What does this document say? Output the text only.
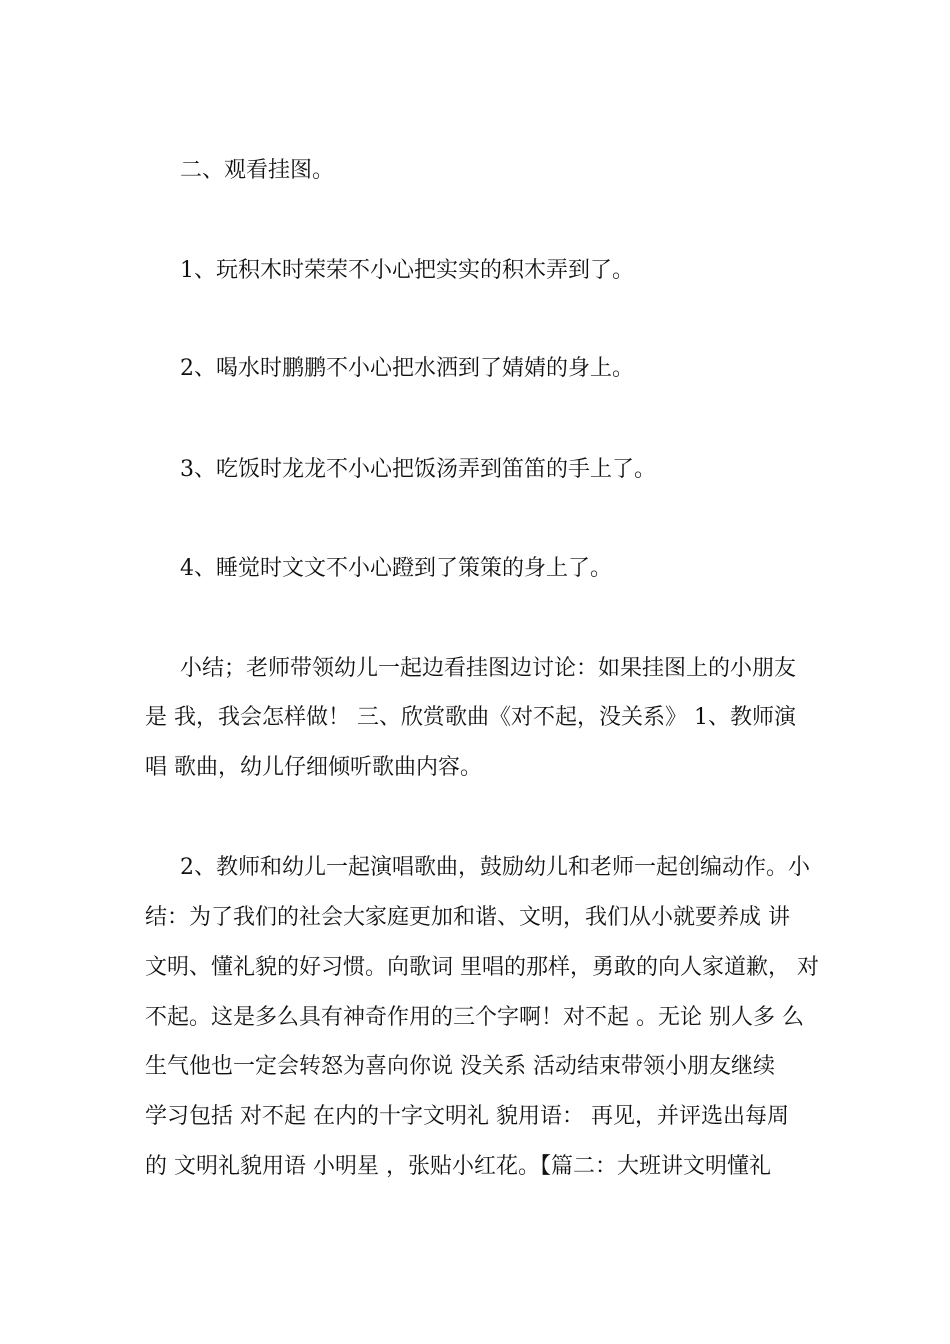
二、观看挂图。
1、玩积木时荣荣不小心把实实的积木弄到了。
2、喝水时鹏鹏不小心把水洒到了婧婧的身上。
3、吃饭时龙龙不小心把饭汤弄到笛笛的手上了。
4、睡觉时文文不小心蹬到了策策的身上了。
小结；老师带领幼儿一起边看挂图边讨论：如果挂图上的小朋友
是 我，我会怎样做！ 三、欣赏歌曲《对不起，没关系》 1、教师演
唱 歌曲，幼儿仔细倾听歌曲内容。
2、教师和幼儿一起演唱歌曲，鼓励幼儿和老师一起创编动作。小
结：为了我们的社会大家庭更加和谐、文明，我们从小就要养成 讲
文明、懂礼貌的好习惯。向歌词 里唱的那样，勇敢的向人家道歉， 对
不起。这是多么具有神奇作用的三个字啊！对不起 。无论 别人多 么
生气他也一定会转怒为喜向你说 没关系 活动结束带领小朋友继续
学习包括 对不起 在内的十字文明礼 貌用语： 再见，并评选出每周
的 文明礼貌用语 小明星 ，张贴小红花。【篇二：大班讲文明懂礼
